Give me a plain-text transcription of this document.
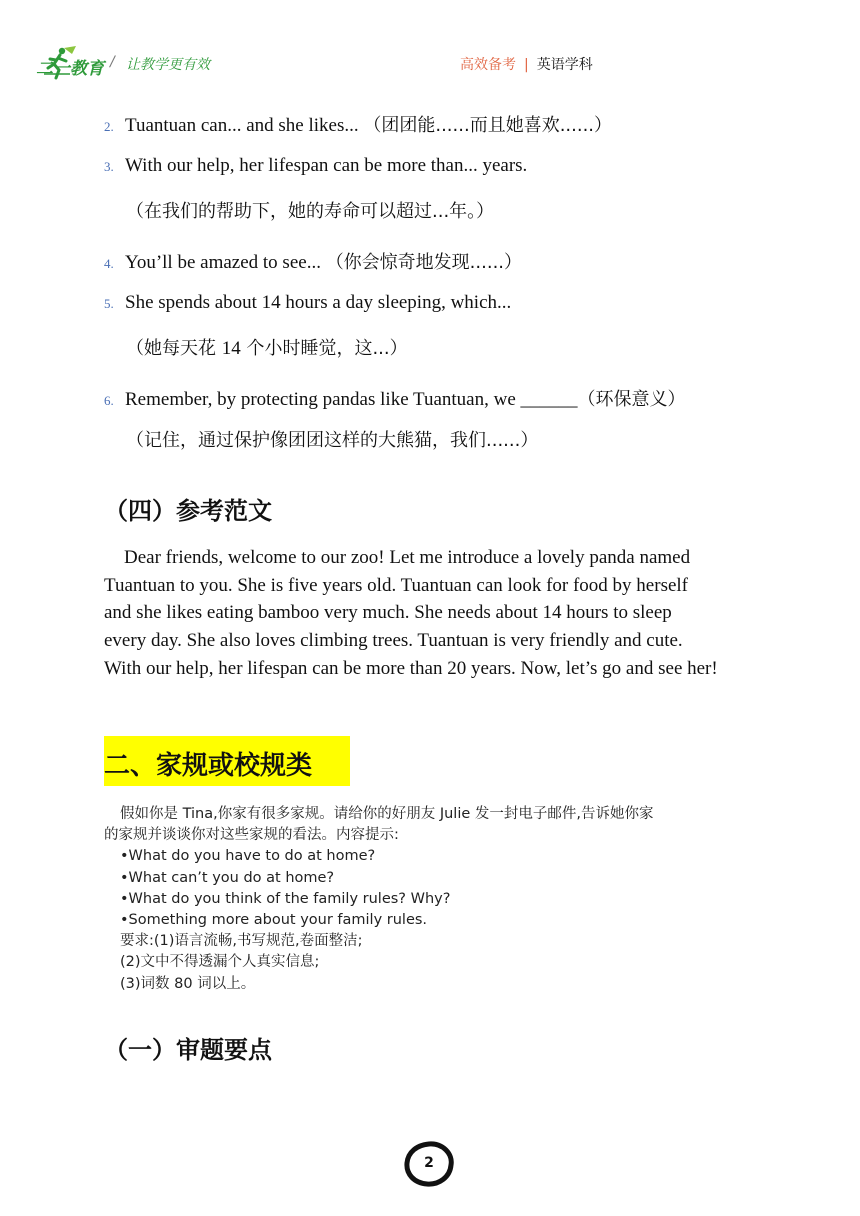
二一教育 / 让教学更有效	高效备考 | 英语学科
2. Tuantuan can... and she likes... （团团能......而且她喜欢......）
3. With our help, her lifespan can be more than... years.
（在我们的帮助下，她的寿命可以超过...年。）
4. You’ll be amazed to see... （你会惊奇地发现......）
5. She spends about 14 hours a day sleeping, which...
（她每天花 14 个小时睡觉，这...）
6. Remember, by protecting pandas like Tuantuan, we ______（环保意义）
（记住，通过保护像团团这样的大熊猫，我们......）
（四）参考范文
Dear friends, welcome to our zoo! Let me introduce a lovely panda named
Tuantuan to you. She is five years old. Tuantuan can look for food by herself
and she likes eating bamboo very much. She needs about 14 hours to sleep
every day. She also loves climbing trees. Tuantuan is very friendly and cute.
With our help, her lifespan can be more than 20 years. Now, let’s go and see her!
二、家规或校规类
假如你是 Tina,你家有很多家规。请给你的好朋友 Julie 发一封电子邮件,告诉她你家
的家规并谈谈你对这些家规的看法。内容提示:
•What do you have to do at home?
•What can’t you do at home?
•What do you think of the family rules? Why?
•Something more about your family rules.
要求:(1)语言流畅,书写规范,卷面整洁;
(2)文中不得透漏个人真实信息;
(3)词数 80 词以上。
（一）审题要点
2
